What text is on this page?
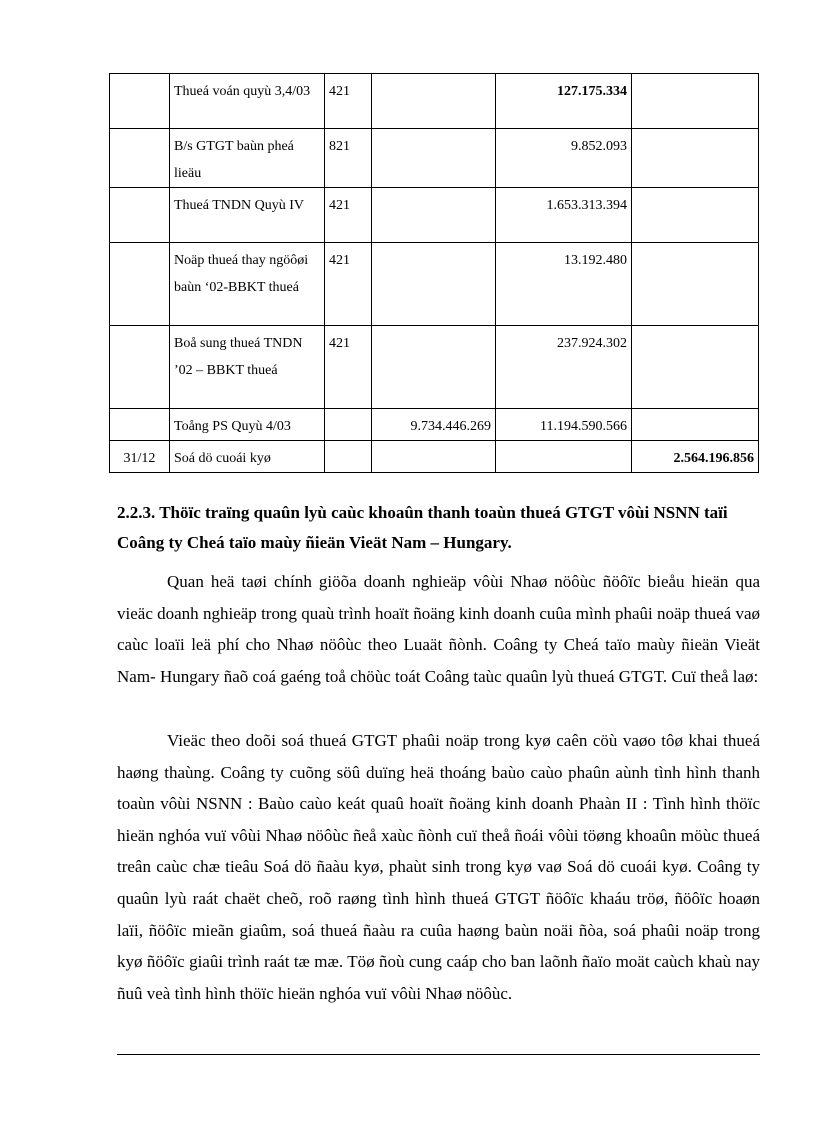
	Thueá voán quyù 3,4/03	421		127.175.334	
	B/s GTGT baùn pheá lieäu	821		9.852.093	
	Thueá TNDN Quyù IV	421		1.653.313.394	
	Noäp thueá thay ngöôøi baùn ‘02-BBKT thueá	421		13.192.480	
	Boå sung thueá TNDN ’02 – BBKT thueá	421		237.924.302	
	Toång PS Quyù 4/03		9.734.446.269	11.194.590.566	
31/12	Soá dö cuoái kyø				2.564.196.856
2.2.3. Thöïc traïng quaûn lyù caùc khoaûn thanh toaùn thueá GTGT vôùi NSNN taïi Coâng ty Cheá taïo maùy ñieän Vieät Nam – Hungary.

Quan heä taøi chính giöõa doanh nghieäp vôùi Nhaø nöôùc ñöôïc bieåu hieän qua vieäc doanh nghieäp trong quaù trình hoaït ñoäng kinh doanh cuûa mình phaûi noäp thueá vaø caùc loaïi leä phí cho Nhaø nöôùc theo Luaät ñònh. Coâng ty Cheá taïo maùy ñieän Vieät Nam- Hungary ñaõ coá gaéng toå chöùc toát Coâng taùc quaûn lyù thueá GTGT. Cuï theå laø:

Vieäc theo doõi soá thueá GTGT phaûi noäp trong kyø caên cöù vaøo tôø khai thueá haøng thaùng. Coâng ty cuõng söû duïng heä thoáng baùo caùo phaûn aùnh tình hình thanh toaùn vôùi NSNN : Baùo caùo keát quaû hoaït ñoäng kinh doanh Phaàn II : Tình hình thöïc hieän nghóa vuï vôùi Nhaø nöôùc ñeå xaùc ñònh cuï theå ñoái vôùi töøng khoaûn möùc thueá treân caùc chæ tieâu Soá dö ñaàu kyø, phaùt sinh trong kyø vaø Soá dö cuoái kyø. Coâng ty quaûn lyù raát chaët cheõ, roõ raøng tình hình thueá GTGT ñöôïc khaáu tröø, ñöôïc hoaøn laïi, ñöôïc mieãn giaûm, soá thueá ñaàu ra cuûa haøng baùn noäi ñòa, soá phaûi noäp trong kyø ñöôïc giaûi trình raát tæ mæ. Töø ñoù cung caáp cho ban laõnh ñaïo moät caùch khaù nay ñuû veà tình hình thöïc hieän nghóa vuï vôùi Nhaø nöôùc.
